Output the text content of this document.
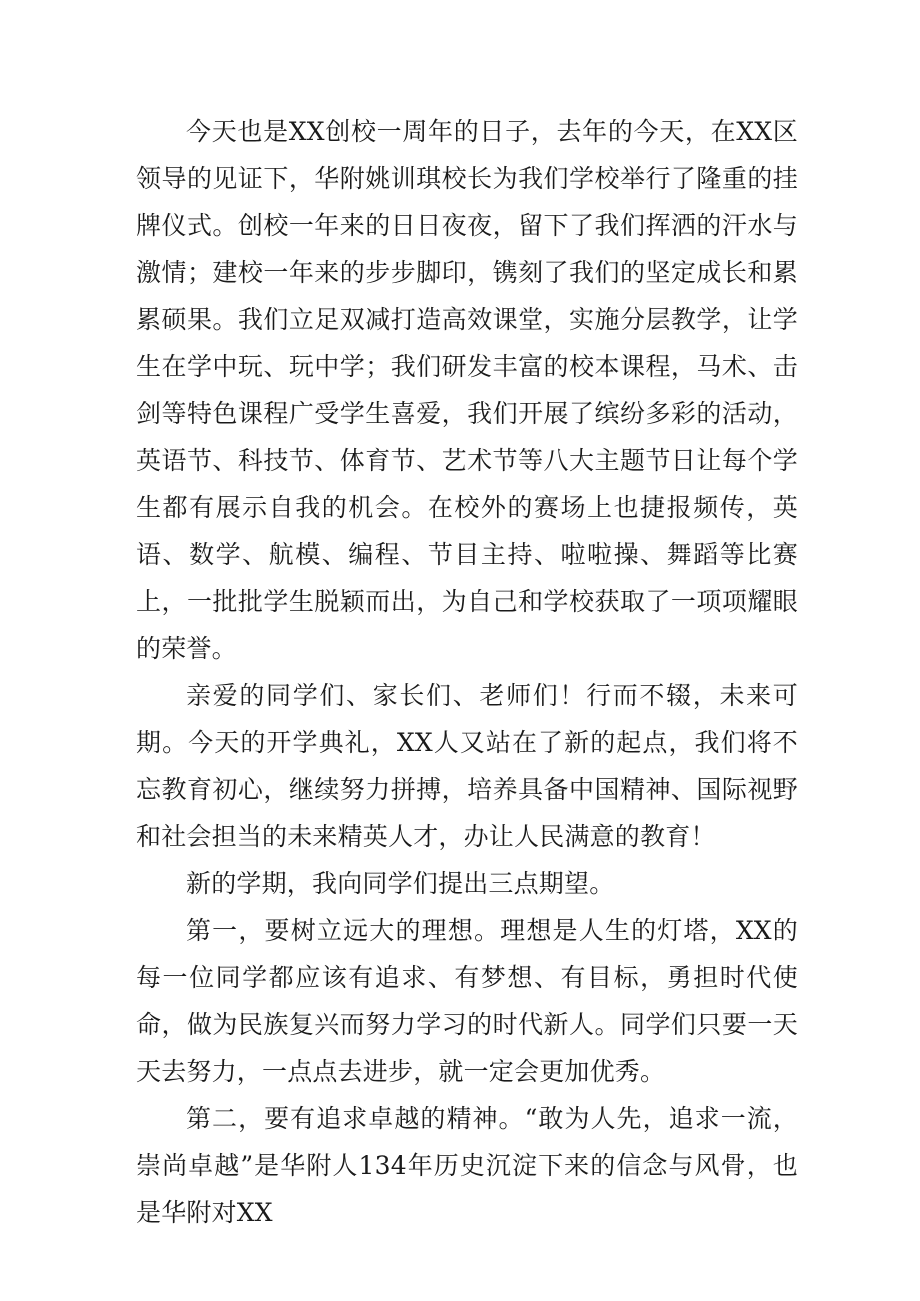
今天也是XX创校一周年的日子，去年的今天，在XX区领导的见证下，华附姚训琪校长为我们学校举行了隆重的挂牌仪式。创校一年来的日日夜夜，留下了我们挥洒的汗水与激情；建校一年来的步步脚印，镌刻了我们的坚定成长和累累硕果。我们立足双减打造高效课堂，实施分层教学，让学生在学中玩、玩中学；我们研发丰富的校本课程，马术、击剑等特色课程广受学生喜爱，我们开展了缤纷多彩的活动，英语节、科技节、体育节、艺术节等八大主题节日让每个学生都有展示自我的机会。在校外的赛场上也捷报频传，英语、数学、航模、编程、节目主持、啦啦操、舞蹈等比赛上，一批批学生脱颖而出，为自己和学校获取了一项项耀眼的荣誉。

亲爱的同学们、家长们、老师们！行而不辍，未来可期。今天的开学典礼，XX人又站在了新的起点，我们将不忘教育初心，继续努力拼搏，培养具备中国精神、国际视野和社会担当的未来精英人才，办让人民满意的教育！

新的学期，我向同学们提出三点期望。

第一，要树立远大的理想。理想是人生的灯塔，XX的每一位同学都应该有追求、有梦想、有目标，勇担时代使命，做为民族复兴而努力学习的时代新人。同学们只要一天天去努力，一点点去进步，就一定会更加优秀。

第二，要有追求卓越的精神。“敢为人先，追求一流，崇尚卓越”是华附人134年历史沉淀下来的信念与风骨，也是华附对XX
